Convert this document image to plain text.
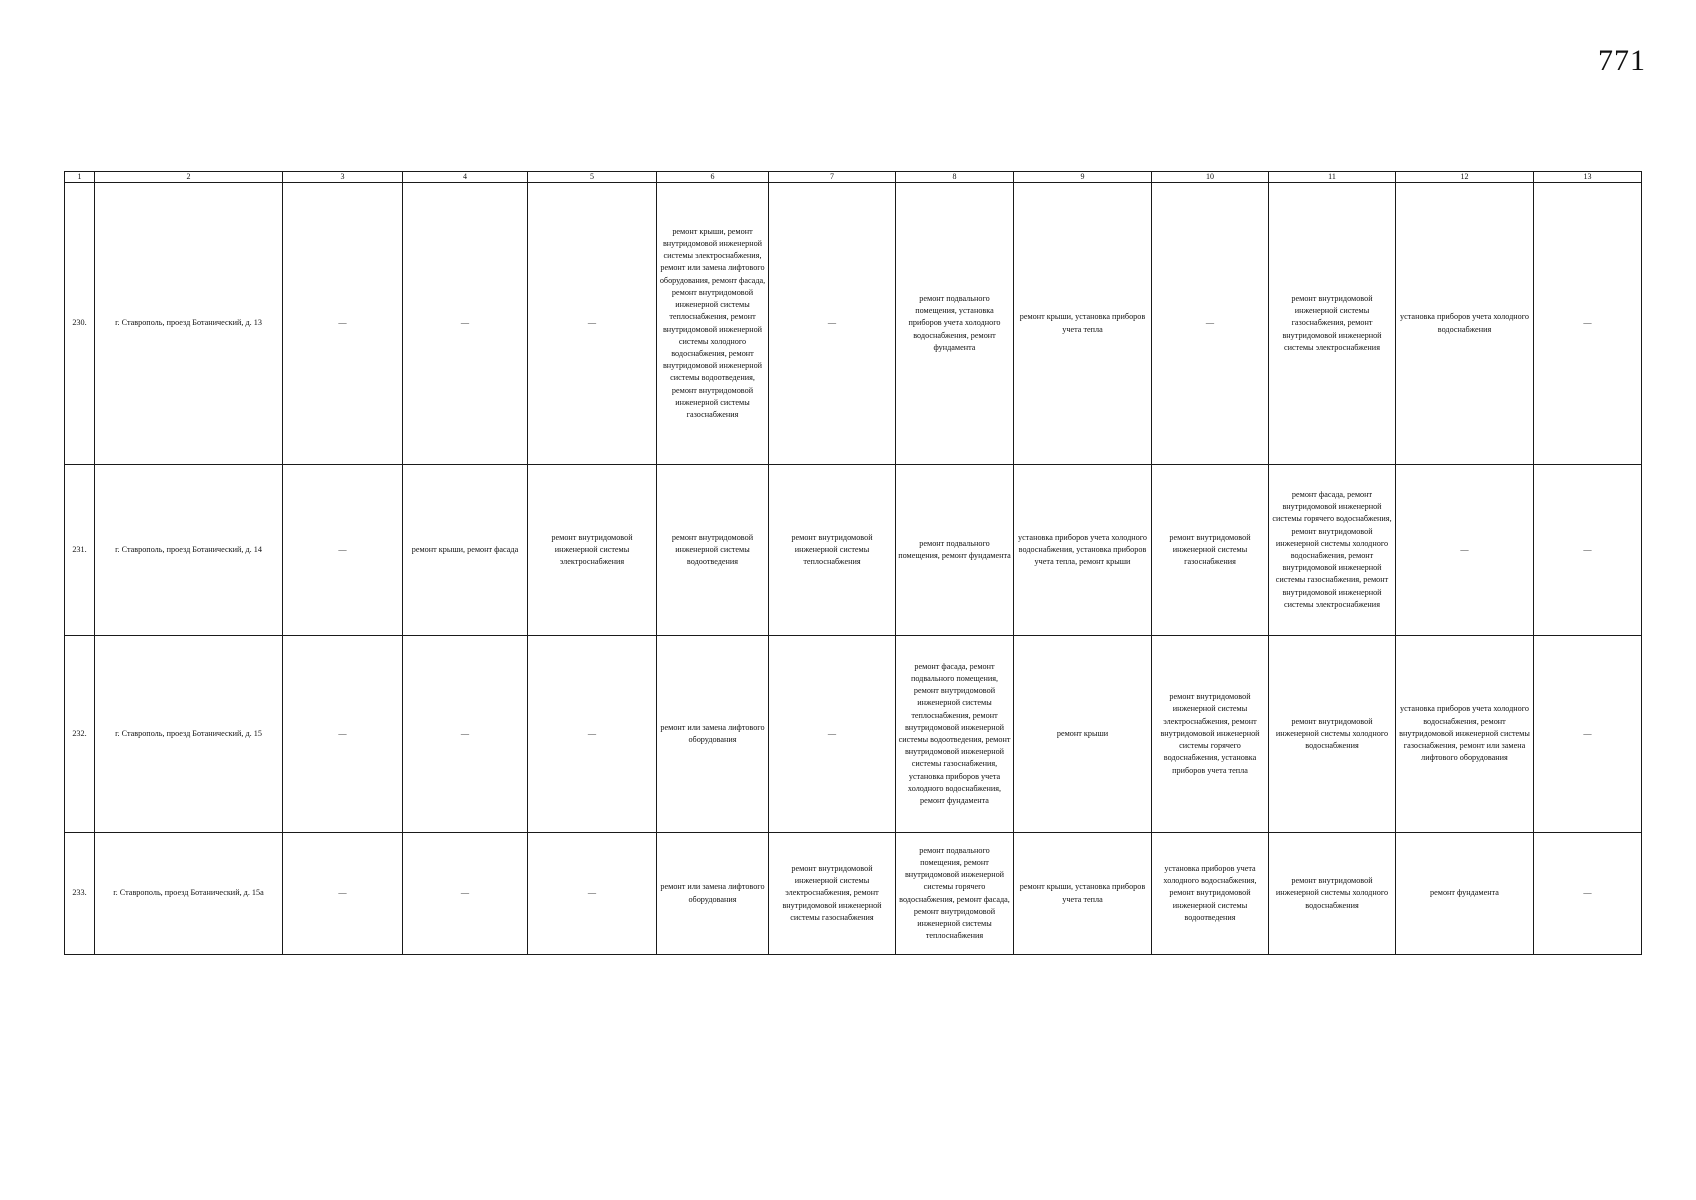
771
1	2	3	4	5	6	7	8	9	10	11	12	13
230.	г. Ставрополь, проезд Ботанический, д. 13	—	—	—	ремонт крыши, ремонт внутридомовой инженерной системы электроснабжения, ремонт или замена лифтового оборудования, ремонт фасада, ремонт внутридомовой инженерной системы теплоснабжения, ремонт внутридомовой инженерной системы холодного водоснабжения, ремонт внутридомовой инженерной системы водоотведения, ремонт внутридомовой инженерной системы газоснабжения	—	ремонт подвального помещения, установка приборов учета холодного водоснабжения, ремонт фундамента	ремонт крыши, установка приборов учета тепла	—	ремонт внутридомовой инженерной системы газоснабжения, ремонт внутридомовой инженерной системы электроснабжения	установка приборов учета холодного водоснабжения	—
231.	г. Ставрополь, проезд Ботанический, д. 14	—	ремонт крыши, ремонт фасада	ремонт внутридомовой инженерной системы электроснабжения	ремонт внутридомовой инженерной системы водоотведения	ремонт внутридомовой инженерной системы теплоснабжения	ремонт подвального помещения, ремонт фундамента	установка приборов учета холодного водоснабжения, установка приборов учета тепла, ремонт крыши	ремонт внутридомовой инженерной системы газоснабжения	ремонт фасада, ремонт внутридомовой инженерной системы горячего водоснабжения, ремонт внутридомовой инженерной системы холодного водоснабжения, ремонт внутридомовой инженерной системы газоснабжения, ремонт внутридомовой инженерной системы электроснабжения	—	—
232.	г. Ставрополь, проезд Ботанический, д. 15	—	—	—	ремонт или замена лифтового оборудования	—	ремонт фасада, ремонт подвального помещения, ремонт внутридомовой инженерной системы теплоснабжения, ремонт внутридомовой инженерной системы водоотведения, ремонт внутридомовой инженерной системы газоснабжения, установка приборов учета холодного водоснабжения, ремонт фундамента	ремонт крыши	ремонт внутридомовой инженерной системы электроснабжения, ремонт внутридомовой инженерной системы горячего водоснабжения, установка приборов учета тепла	ремонт внутридомовой инженерной системы холодного водоснабжения	установка приборов учета холодного водоснабжения, ремонт внутридомовой инженерной системы газоснабжения, ремонт или замена лифтового оборудования	—
233.	г. Ставрополь, проезд Ботанический, д. 15а	—	—	—	ремонт или замена лифтового оборудования	ремонт внутридомовой инженерной системы электроснабжения, ремонт внутридомовой инженерной системы газоснабжения	ремонт подвального помещения, ремонт внутридомовой инженерной системы горячего водоснабжения, ремонт фасада, ремонт внутридомовой инженерной системы теплоснабжения	ремонт крыши, установка приборов учета тепла	установка приборов учета холодного водоснабжения, ремонт внутридомовой инженерной системы водоотведения	ремонт внутридомовой инженерной системы холодного водоснабжения	ремонт фундамента	—
